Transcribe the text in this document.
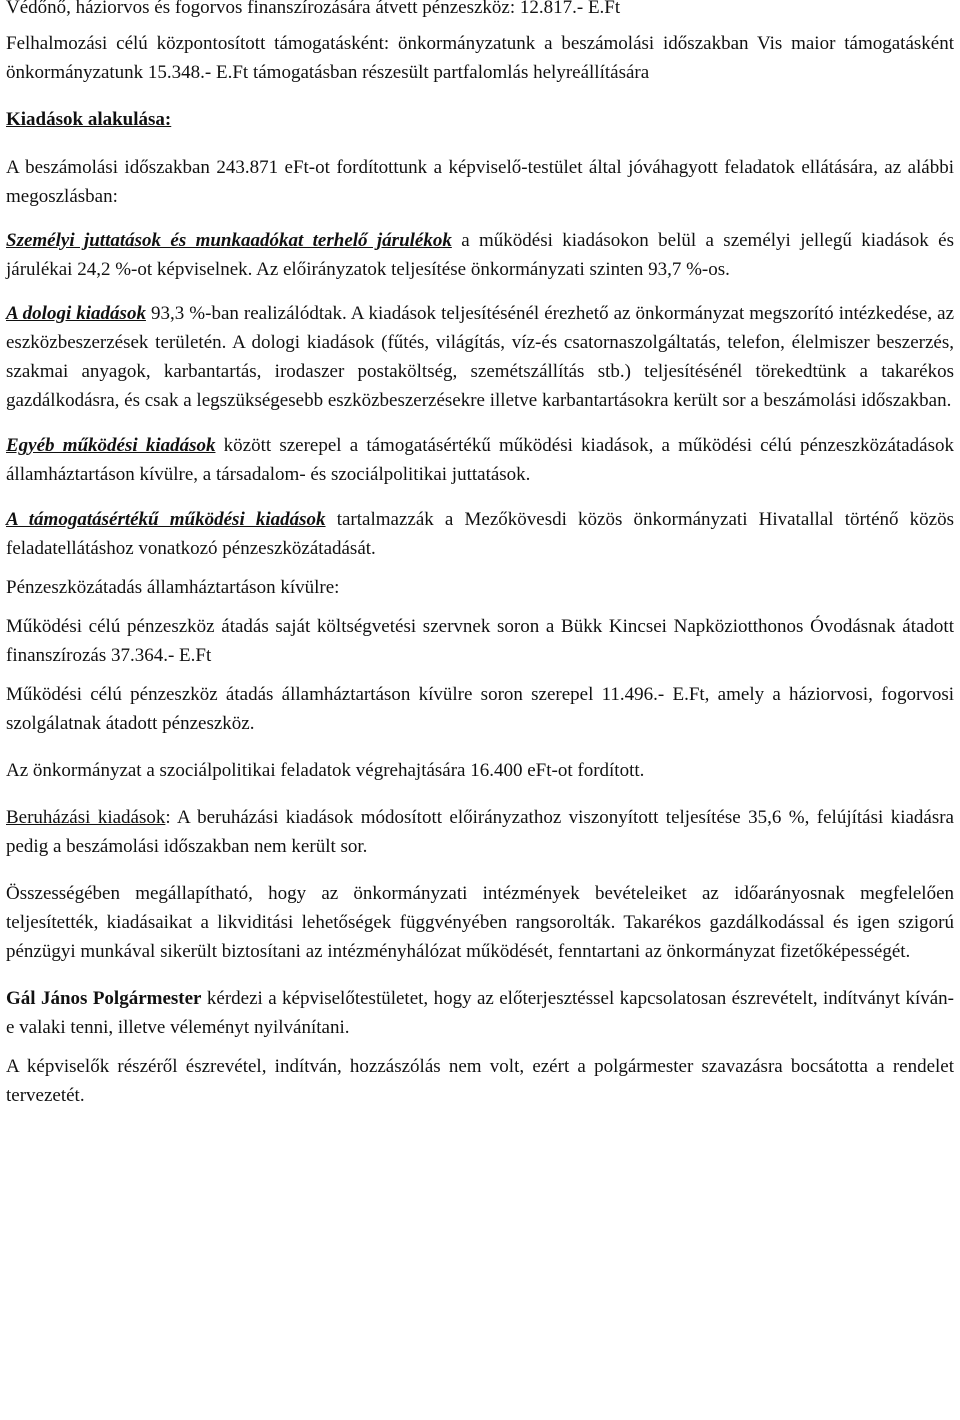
Védőnő, háziorvos és fogorvos finanszírozására átvett pénzeszköz: 12.817.- E.Ft

Felhalmozási célú központosított támogatásként: önkormányzatunk a beszámolási időszakban Vis maior támogatásként önkormányzatunk 15.348.- E.Ft támogatásban részesült partfalomlás helyreállítására

Kiadások alakulása:

A beszámolási időszakban 243.871 eFt-ot fordítottunk a képviselő-testület által jóváhagyott feladatok ellátására, az alábbi megoszlásban:

Személyi juttatások és munkaadókat terhelő járulékok a működési kiadásokon belül a személyi jellegű kiadások és járulékai 24,2 %-ot képviselnek. Az előirányzatok teljesítése önkormányzati szinten 93,7 %-os.

A dologi kiadások 93,3 %-ban realizálódtak. A kiadások teljesítésénél érezhető az önkormányzat megszorító intézkedése, az eszközbeszerzések területén. A dologi kiadások (fűtés, világítás, víz-és csatornaszolgáltatás, telefon, élelmiszer beszerzés, szakmai anyagok, karbantartás, irodaszer postaköltség, szemétszállítás stb.) teljesítésénél törekedtünk a takarékos gazdálkodásra, és csak a legszükségesebb eszközbeszerzésekre illetve karbantartásokra került sor a beszámolási időszakban.

Egyéb működési kiadások között szerepel a támogatásértékű működési kiadások, a működési célú pénzeszközátadások államháztartáson kívülre, a társadalom- és szociálpolitikai juttatások.

A támogatásértékű működési kiadások tartalmazzák a Mezőkövesdi közös önkormányzati Hivatallal történő közös feladatellátáshoz vonatkozó pénzeszközátadását.

Pénzeszközátadás államháztartáson kívülre:

Működési célú pénzeszköz átadás saját költségvetési szervnek soron a Bükk Kincsei Napköziotthonos Óvodásnak átadott finanszírozás 37.364.- E.Ft

Működési célú pénzeszköz átadás államháztartáson kívülre soron szerepel 11.496.- E.Ft, amely a háziorvosi, fogorvosi szolgálatnak átadott pénzeszköz.

Az önkormányzat a szociálpolitikai feladatok végrehajtására 16.400 eFt-ot fordított.

Beruházási kiadások: A beruházási kiadások módosított előirányzathoz viszonyított teljesítése 35,6 %, felújítási kiadásra pedig a beszámolási időszakban nem került sor.

Összességében megállapítható, hogy az önkormányzati intézmények bevételeiket az időarányosnak megfelelően teljesítették, kiadásaikat a likviditási lehetőségek függvényében rangsorolták. Takarékos gazdálkodással és igen szigorú pénzügyi munkával sikerült biztosítani az intézményhálózat működését, fenntartani az önkormányzat fizetőképességét.

Gál János Polgármester kérdezi a képviselőtestületet, hogy az előterjesztéssel kapcsolatosan észrevételt, indítványt kíván-e valaki tenni, illetve véleményt nyilvánítani.

A képviselők részéről észrevétel, indítván, hozzászólás nem volt, ezért a polgármester szavazásra bocsátotta a rendelet tervezetét.
